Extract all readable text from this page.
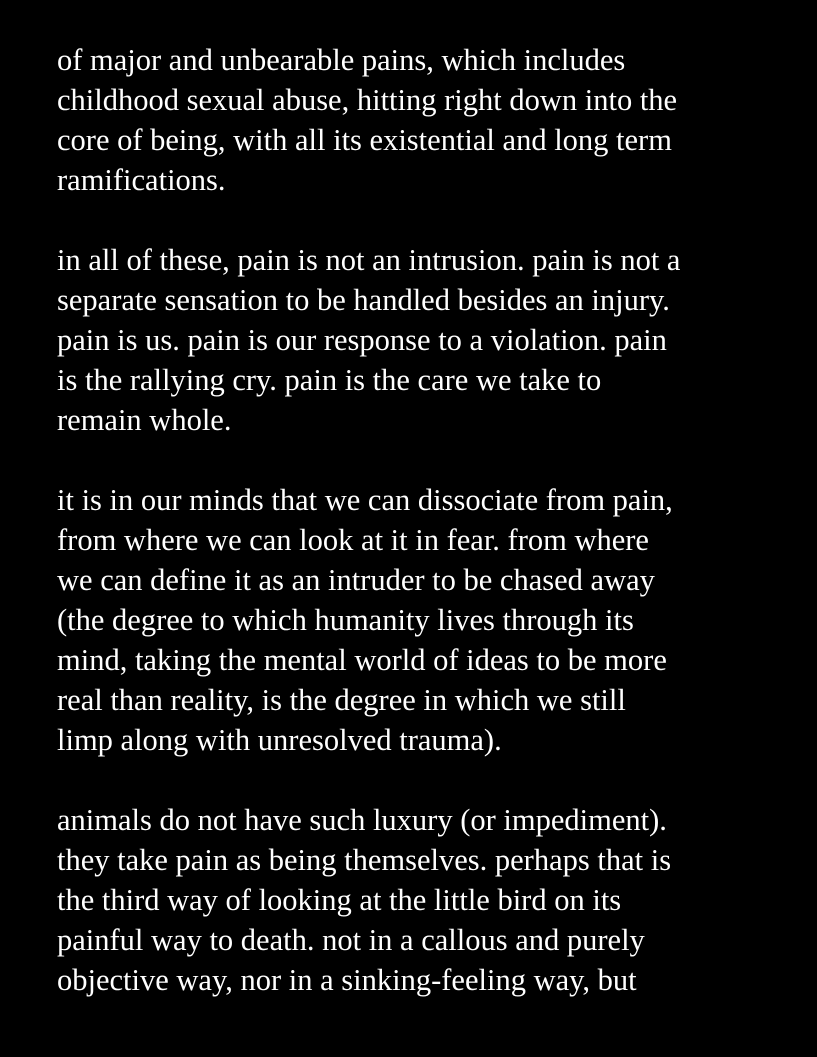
of major and unbearable pains, which includes
childhood sexual abuse, hitting right down into the
core of being, with all its existential and long term
ramifications.

in all of these, pain is not an intrusion. pain is not a
separate sensation to be handled besides an injury.
pain is us. pain is our response to a violation. pain
is the rallying cry. pain is the care we take to
remain whole.

it is in our minds that we can dissociate from pain,
from where we can look at it in fear. from where
we can define it as an intruder to be chased away
(the degree to which humanity lives through its
mind, taking the mental world of ideas to be more
real than reality, is the degree in which we still
limp along with unresolved trauma).

animals do not have such luxury (or impediment).
they take pain as being themselves. perhaps that is
the third way of looking at the little bird on its
painful way to death. not in a callous and purely
objective way, nor in a sinking-feeling way, but
